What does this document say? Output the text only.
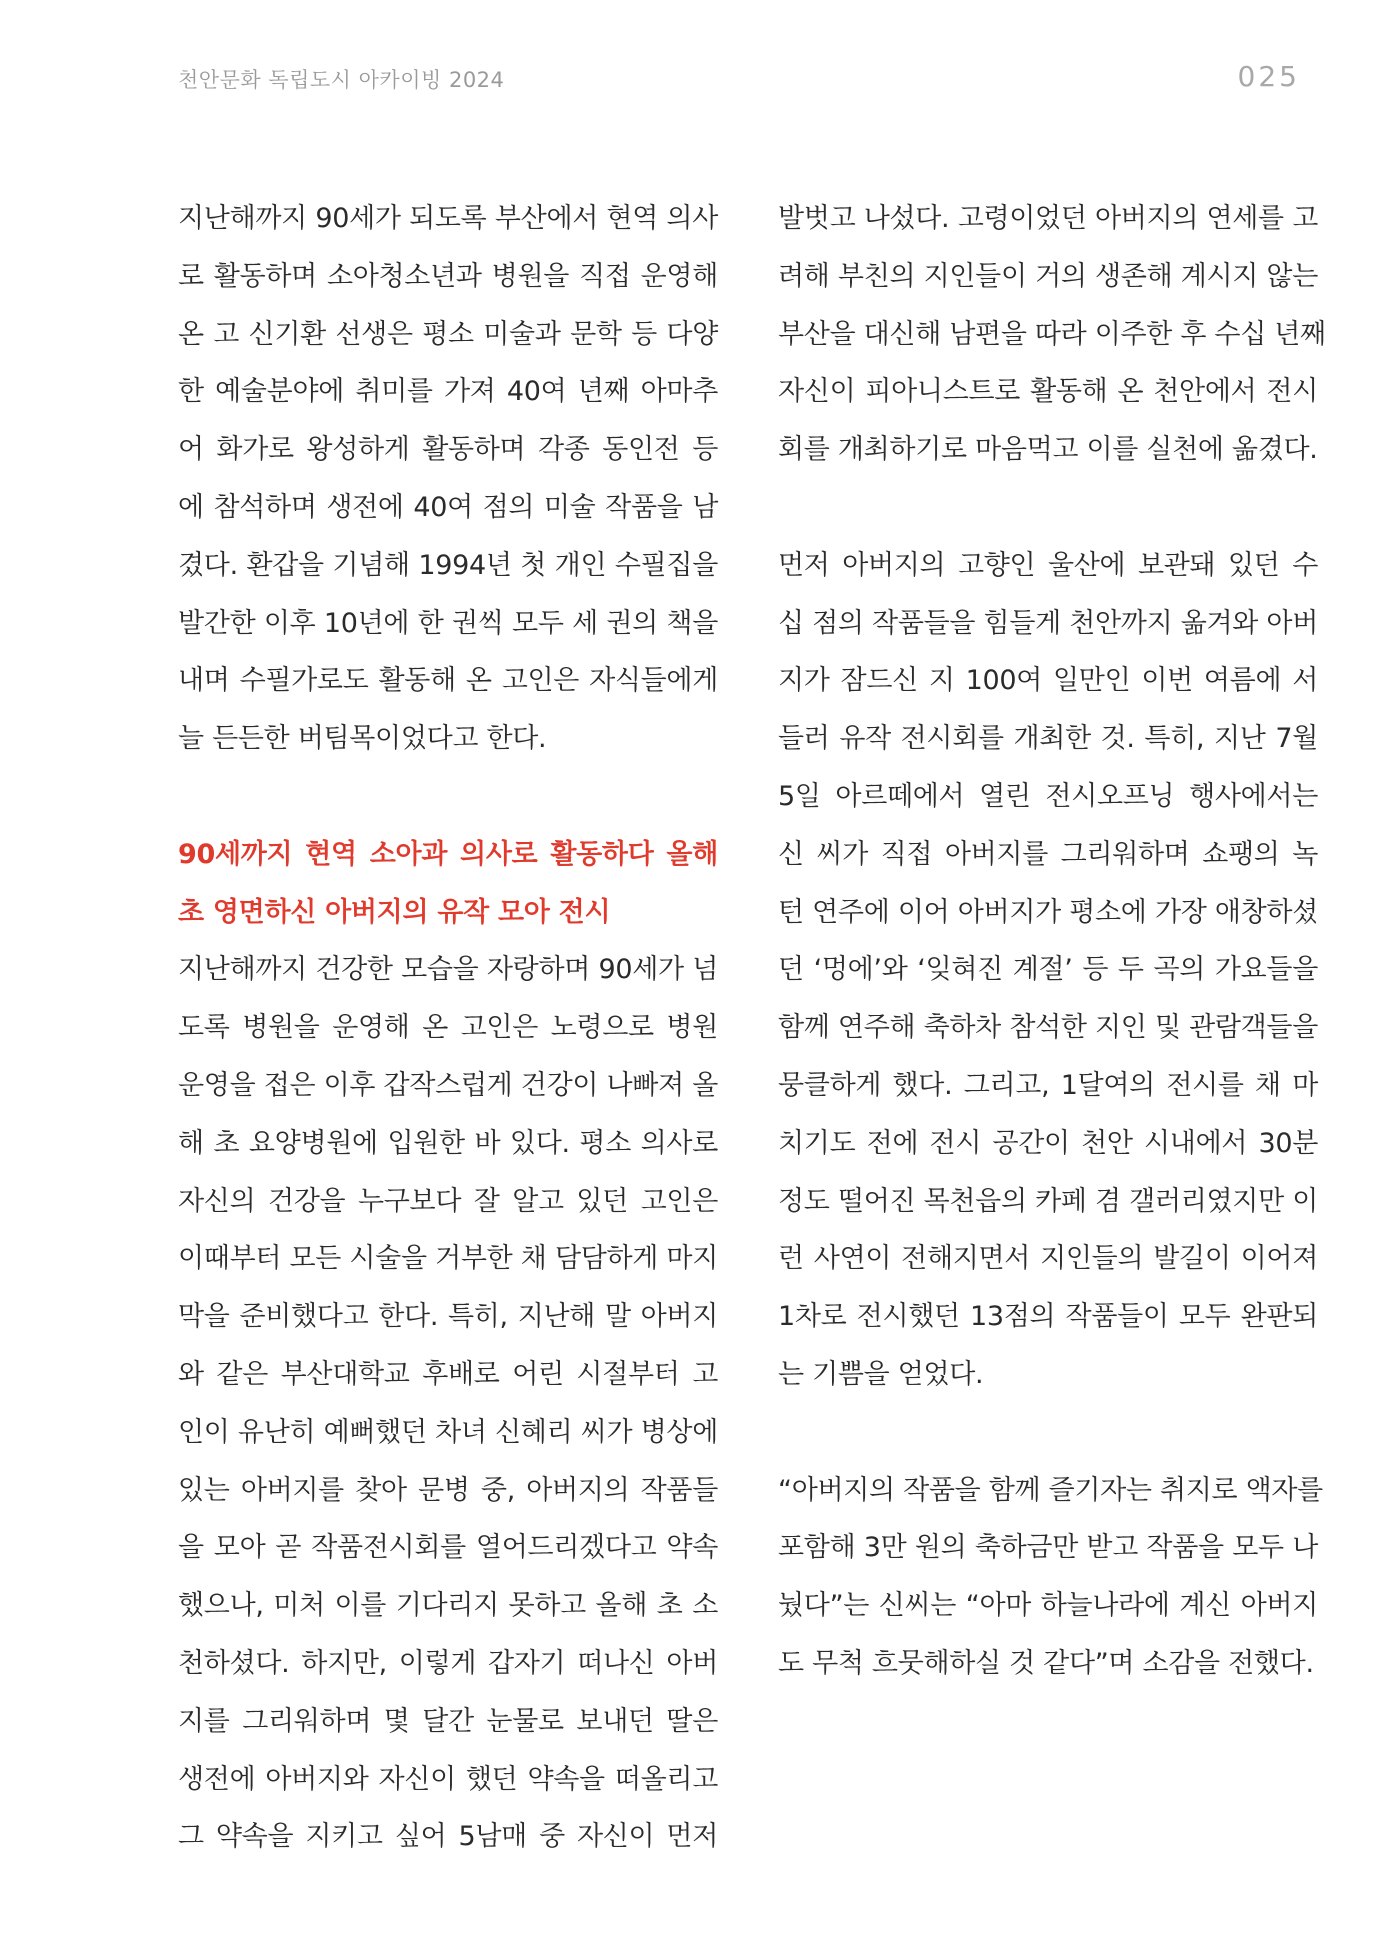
천안문화 독립도시 아카이빙 2024	025
지난해까지 90세가 되도록 부산에서 현역 의사
로 활동하며 소아청소년과 병원을 직접 운영해
온 고 신기환 선생은 평소 미술과 문학 등 다양
한 예술분야에 취미를 가져 40여 년째 아마추
어 화가로 왕성하게 활동하며 각종 동인전 등
에 참석하며 생전에 40여 점의 미술 작품을 남
겼다. 환갑을 기념해 1994년 첫 개인 수필집을
발간한 이후 10년에 한 권씩 모두 세 권의 책을
내며 수필가로도 활동해 온 고인은 자식들에게
늘 든든한 버팀목이었다고 한다.
90세까지 현역 소아과 의사로 활동하다 올해
초 영면하신 아버지의 유작 모아 전시
지난해까지 건강한 모습을 자랑하며 90세가 넘
도록 병원을 운영해 온 고인은 노령으로 병원
운영을 접은 이후 갑작스럽게 건강이 나빠져 올
해 초 요양병원에 입원한 바 있다. 평소 의사로
자신의 건강을 누구보다 잘 알고 있던 고인은
이때부터 모든 시술을 거부한 채 담담하게 마지
막을 준비했다고 한다. 특히, 지난해 말 아버지
와 같은 부산대학교 후배로 어린 시절부터 고
인이 유난히 예뻐했던 차녀 신혜리 씨가 병상에
있는 아버지를 찾아 문병 중, 아버지의 작품들
을 모아 곧 작품전시회를 열어드리겠다고 약속
했으나, 미처 이를 기다리지 못하고 올해 초 소
천하셨다. 하지만, 이렇게 갑자기 떠나신 아버
지를 그리워하며 몇 달간 눈물로 보내던 딸은
생전에 아버지와 자신이 했던 약속을 떠올리고
그 약속을 지키고 싶어 5남매 중 자신이 먼저
발벗고 나섰다. 고령이었던 아버지의 연세를 고
려해 부친의 지인들이 거의 생존해 계시지 않는
부산을 대신해 남편을 따라 이주한 후 수십 년째
자신이 피아니스트로 활동해 온 천안에서 전시
회를 개최하기로 마음먹고 이를 실천에 옮겼다.
먼저 아버지의 고향인 울산에 보관돼 있던 수
십 점의 작품들을 힘들게 천안까지 옮겨와 아버
지가 잠드신 지 100여 일만인 이번 여름에 서
들러 유작 전시회를 개최한 것. 특히, 지난 7월
5일 아르떼에서 열린 전시오프닝 행사에서는
신 씨가 직접 아버지를 그리워하며 쇼팽의 녹
턴 연주에 이어 아버지가 평소에 가장 애창하셨
던 ‘멍에’와 ‘잊혀진 계절’ 등 두 곡의 가요들을
함께 연주해 축하차 참석한 지인 및 관람객들을
뭉클하게 했다. 그리고, 1달여의 전시를 채 마
치기도 전에 전시 공간이 천안 시내에서 30분
정도 떨어진 목천읍의 카페 겸 갤러리였지만 이
런 사연이 전해지면서 지인들의 발길이 이어져
1차로 전시했던 13점의 작품들이 모두 완판되
는 기쁨을 얻었다.
“아버지의 작품을 함께 즐기자는 취지로 액자를
포함해 3만 원의 축하금만 받고 작품을 모두 나
눴다”는 신씨는 “아마 하늘나라에 계신 아버지
도 무척 흐뭇해하실 것 같다”며 소감을 전했다.
